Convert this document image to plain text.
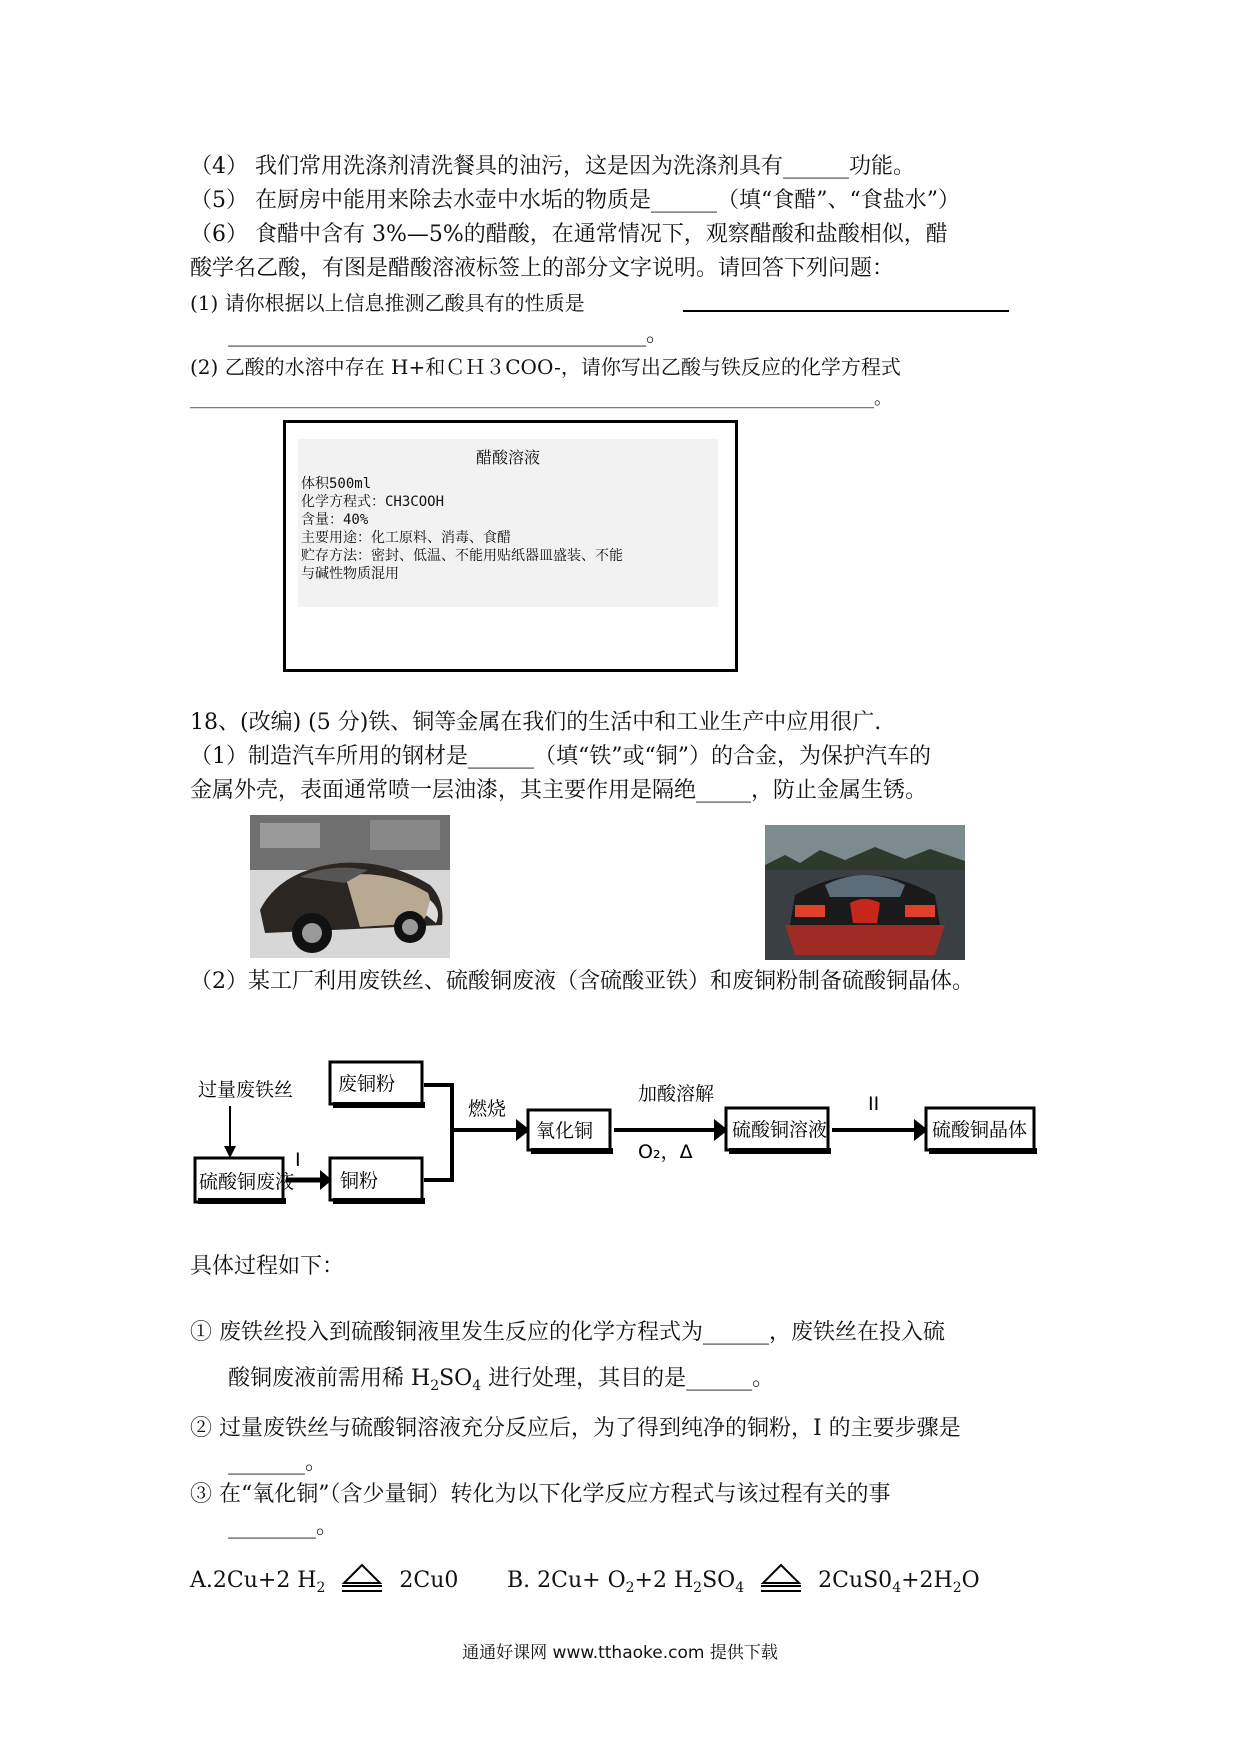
（4） 我们常用洗涤剂清洗餐具的油污，这是因为洗涤剂具有______功能。
（5） 在厨房中能用来除去水壶中水垢的物质是______（填“食醋”、“食盐水”）
（6） 食醋中含有 3%—5%的醋酸，在通常情况下，观察醋酸和盐酸相似，醋
酸学名乙酸，有图是醋酸溶液标签上的部分文字说明。请回答下列问题：
(1) 请你根据以上信息推测乙酸具有的性质是
______________________________________。
(2) 乙酸的水溶中存在 H+和ＣＨ３COO-，请你写出乙酸与铁反应的化学方程式
____________________________________________________________________________。
醋酸溶液
体积500ml
化学方程式：CH3COOH
含量：40%
主要用途：化工原料、消毒、食醋
贮存方法：密封、低温、不能用贴纸器皿盛装、不能
与碱性物质混用
18、(改编) (5 分)铁、铜等金属在我们的生活中和工业生产中应用很广.
（1）制造汽车所用的钢材是______（填“铁”或“铜”）的合金，为保护汽车的
金属外壳，表面通常喷一层油漆，其主要作用是隔绝_____，防止金属生锈。
（2）某工厂利用废铁丝、硫酸铜废液（含硫酸亚铁）和废铜粉制备硫酸铜晶体。
过量废铁丝
硫酸铜废液
I
铜粉
废铜粉
燃烧
氧化铜
加酸溶解
O₂，Δ
硫酸铜溶液
II
硫酸铜晶体
具体过程如下：
① 废铁丝投入到硫酸铜液里发生反应的化学方程式为______，废铁丝在投入硫
酸铜废液前需用稀 $H_2SO_4$ 进行处理，其目的是______。
② 过量废铁丝与硫酸铜溶液充分反应后，为了得到纯净的铜粉，I 的主要步骤是
_______。
③ 在“氧化铜”（含少量铜）转化为以下化学反应方程式与该过程有关的事
________。
A.2Cu+2 $H_2$	2Cu0 B. $2Cu+ O_2+2$ $H_2SO_4$	$2CuS0_4+2H_2O$
通通好课网 www.tthaoke.com 提供下载
